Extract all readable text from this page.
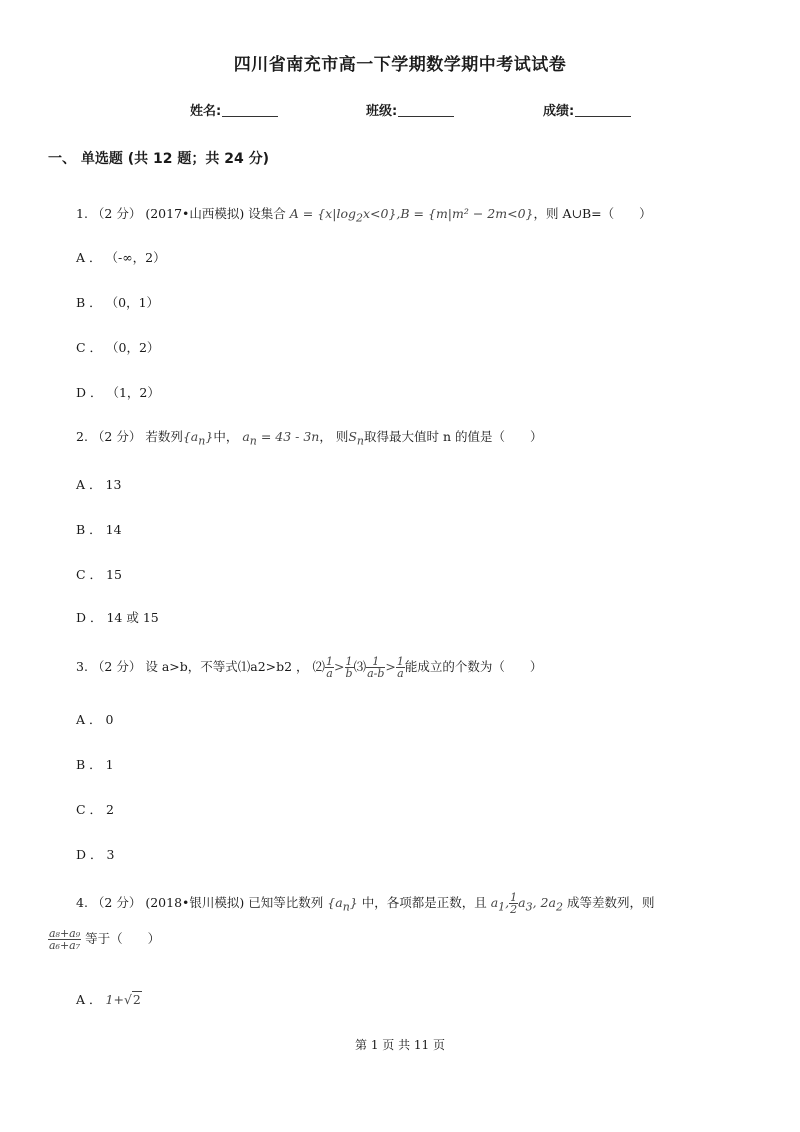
四川省南充市高一下学期数学期中考试试卷
姓名:	班级:	成绩:
一、 单选题 (共 12 题；共 24 分)
1. （2 分） (2017•山西模拟) 设集合 $A = \{x|\log_2x<0\},B = \{m|m^2 - 2m<0\}$，则 A∪B=（　　）
A ． （-∞，2）
B ． （0，1）
C ． （0，2）
D ． （1，2）
2. （2 分） 若数列$\{a_n\}$中， $a_n = 43 - 3n$， 则$S_n$取得最大值时 n 的值是（　　）
A ． 13
B ． 14
C ． 15
D ． 14 或 15
3. （2 分） 设 a>b，不等式⑴a2>b2 ， ⑵ $\frac{1}{a} > \frac{1}{b}$ ⑶ $\frac{1}{a-b} > \frac{1}{a}$ 能成立的个数为（　　）
A ． 0
B ． 1
C ． 2
D ． 3
4. （2 分） (2018•银川模拟) 已知等比数列 $\{a_n\}$ 中，各项都是正数，且 $a_1$, $\frac{1}{2} a_3$, $2a_2$ 成等差数列，则
$\frac{\text{a₈+a₉}}{\text{a₆+a₇}}$ 等于（　　）
A ． 1+√2
第 1 页 共 11 页
